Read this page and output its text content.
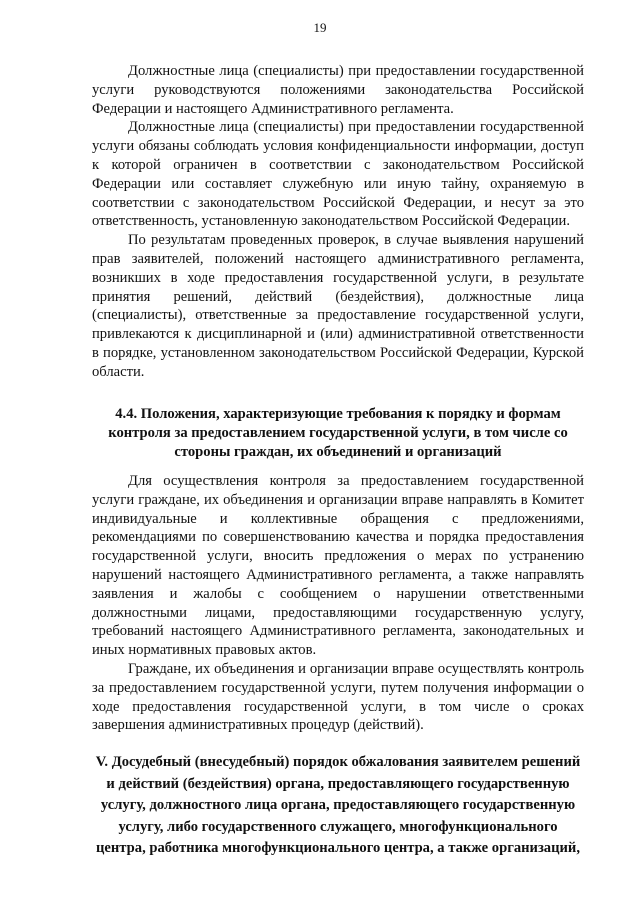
19

Должностные лица (специалисты) при предоставлении государственной услуги руководствуются положениями законодательства Российской Федерации и настоящего Административного регламента.

Должностные лица (специалисты) при предоставлении государственной услуги обязаны соблюдать условия конфиденциальности информации, доступ к которой ограничен в соответствии с законодательством Российской Федерации или составляет служебную или иную тайну, охраняемую в соответствии с законодательством Российской Федерации, и несут за это ответственность, установленную законодательством Российской Федерации.

По результатам проведенных проверок, в случае выявления нарушений прав заявителей, положений настоящего административного регламента, возникших в ходе предоставления государственной услуги, в результате принятия решений, действий (бездействия), должностные лица (специалисты), ответственные за предоставление государственной услуги, привлекаются к дисциплинарной и (или) административной ответственности в порядке, установленном законодательством Российской Федерации, Курской области.

4.4. Положения, характеризующие требования к порядку и формам контроля за предоставлением государственной услуги, в том числе со стороны граждан, их объединений и организаций

Для осуществления контроля за предоставлением государственной услуги граждане, их объединения и организации вправе направлять в Комитет индивидуальные и коллективные обращения с предложениями, рекомендациями по совершенствованию качества и порядка предоставления государственной услуги, вносить предложения о мерах по устранению нарушений настоящего Административного регламента, а также направлять заявления и жалобы с сообщением о нарушении ответственными должностными лицами, предоставляющими государственную услугу, требований настоящего Административного регламента, законодательных и иных нормативных правовых актов.

Граждане, их объединения и организации вправе осуществлять контроль за предоставлением государственной услуги, путем получения информации о ходе предоставления государственной услуги, в том числе о сроках завершения административных процедур (действий).

V. Досудебный (внесудебный) порядок обжалования заявителем решений и действий (бездействия) органа, предоставляющего государственную услугу, должностного лица органа, предоставляющего государственную услугу, либо государственного служащего, многофункционального центра, работника многофункционального центра, а также организаций,
